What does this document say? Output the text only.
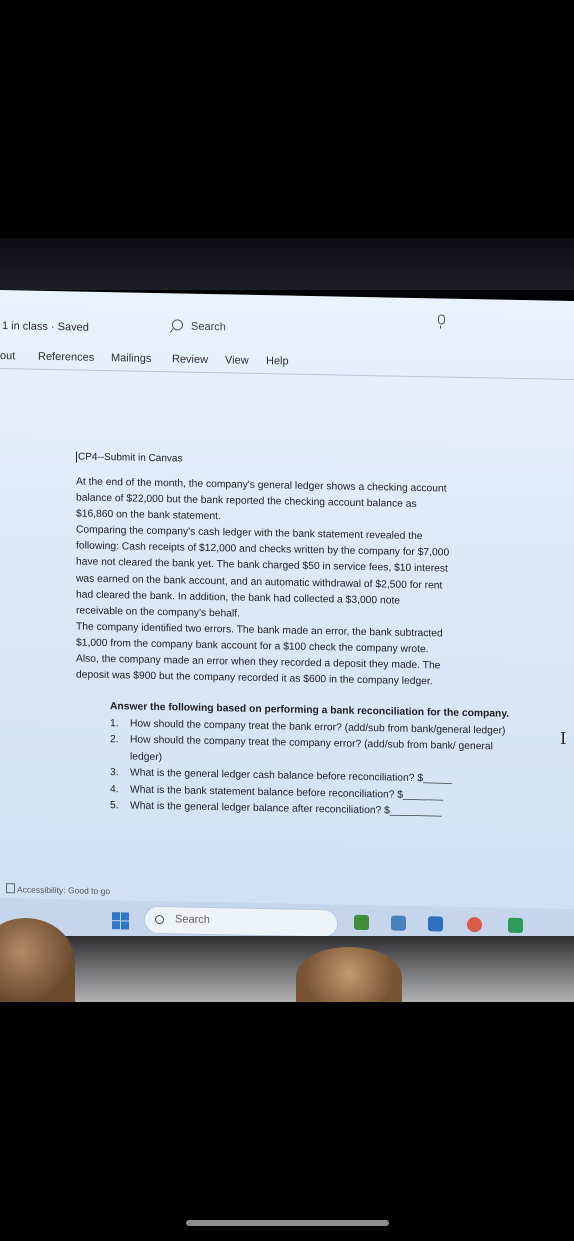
1 in class · Saved	Search
out References Mailings Review View Help
CP4--Submit in Canvas

At the end of the month, the company's general ledger shows a checking account

balance of $22,000 but the bank reported the checking account balance as

$16,860 on the bank statement.

Comparing the company's cash ledger with the bank statement revealed the

following: Cash receipts of $12,000 and checks written by the company for $7,000

have not cleared the bank yet. The bank charged $50 in service fees, $10 interest

was earned on the bank account, and an automatic withdrawal of $2,500 for rent

had cleared the bank. In addition, the bank had collected a $3,000 note

receivable on the company's behalf.

The company identified two errors. The bank made an error, the bank subtracted

$1,000 from the company bank account for a $100 check the company wrote.

Also, the company made an error when they recorded a deposit they made. The

deposit was $900 but the company recorded it as $600 in the company ledger.

Answer the following based on performing a bank reconciliation for the company.

1. How should the company treat the bank error? (add/sub from bank/general ledger)
2. How should the company treat the company error? (add/sub from bank/ general ledger)
3. What is the general ledger cash balance before reconciliation? $_____
4. What is the bank statement balance before reconciliation? $_______
5. What is the general ledger balance after reconciliation? $_________
I
Accessibility: Good to go
Search
